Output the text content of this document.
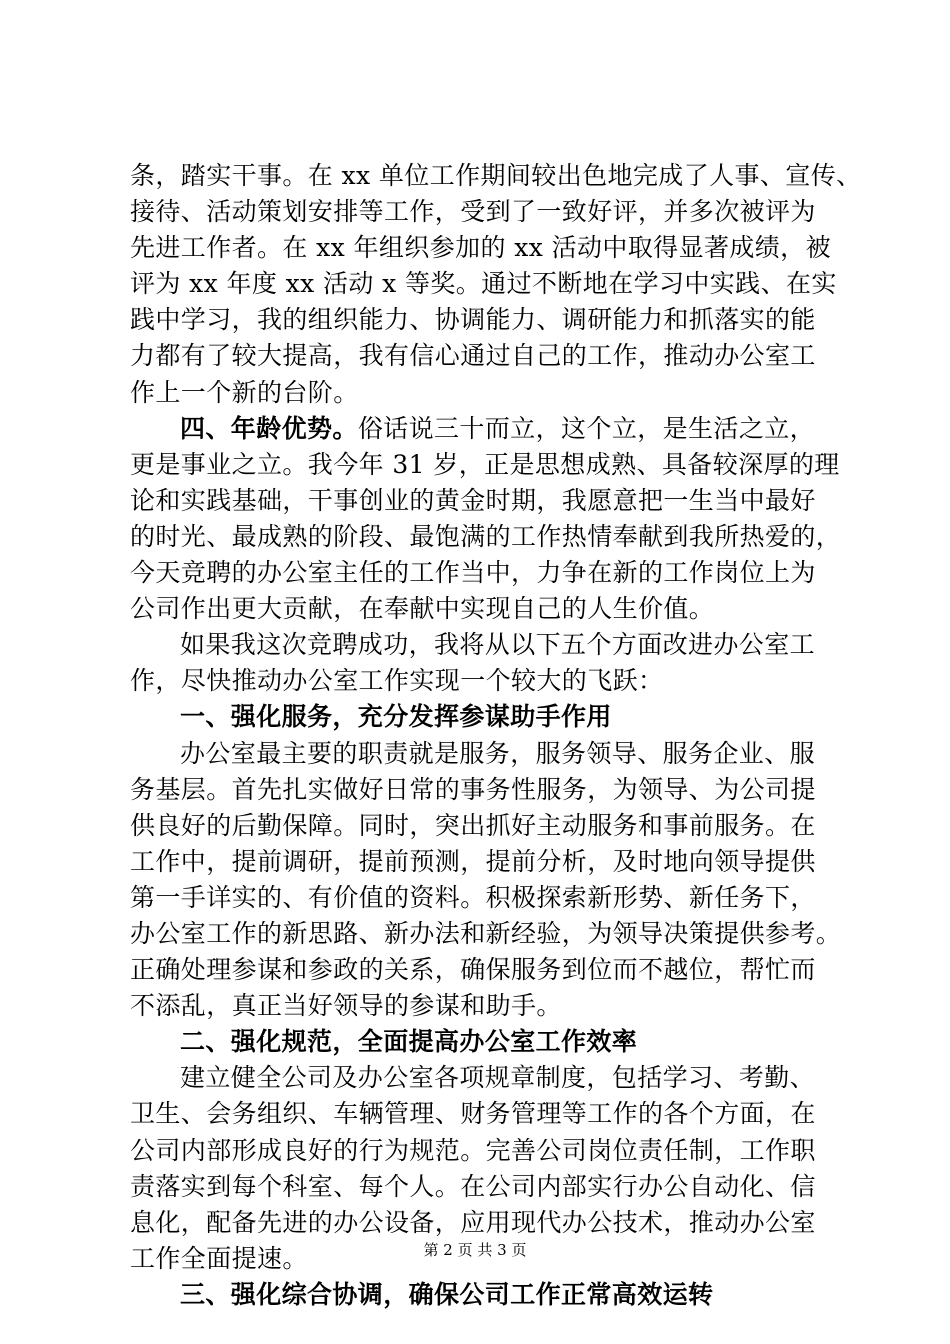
条，踏实干事。在 xx 单位工作期间较出色地完成了人事、宣传、
接待、活动策划安排等工作，受到了一致好评，并多次被评为
先进工作者。在 xx 年组织参加的 xx 活动中取得显著成绩，被
评为 xx 年度 xx 活动 x 等奖。通过不断地在学习中实践、在实
践中学习，我的组织能力、协调能力、调研能力和抓落实的能
力都有了较大提高，我有信心通过自己的工作，推动办公室工
作上一个新的台阶。
四、年龄优势。俗话说三十而立，这个立，是生活之立，
更是事业之立。我今年 31 岁，正是思想成熟、具备较深厚的理
论和实践基础，干事创业的黄金时期，我愿意把一生当中最好
的时光、最成熟的阶段、最饱满的工作热情奉献到我所热爱的，
今天竞聘的办公室主任的工作当中，力争在新的工作岗位上为
公司作出更大贡献，在奉献中实现自己的人生价值。
如果我这次竞聘成功，我将从以下五个方面改进办公室工
作，尽快推动办公室工作实现一个较大的飞跃：
一、强化服务，充分发挥参谋助手作用
办公室最主要的职责就是服务，服务领导、服务企业、服
务基层。首先扎实做好日常的事务性服务，为领导、为公司提
供良好的后勤保障。同时，突出抓好主动服务和事前服务。在
工作中，提前调研，提前预测，提前分析，及时地向领导提供
第一手详实的、有价值的资料。积极探索新形势、新任务下，
办公室工作的新思路、新办法和新经验，为领导决策提供参考。
正确处理参谋和参政的关系，确保服务到位而不越位，帮忙而
不添乱，真正当好领导的参谋和助手。
二、强化规范，全面提高办公室工作效率
建立健全公司及办公室各项规章制度，包括学习、考勤、
卫生、会务组织、车辆管理、财务管理等工作的各个方面，在
公司内部形成良好的行为规范。完善公司岗位责任制，工作职
责落实到每个科室、每个人。在公司内部实行办公自动化、信
息化，配备先进的办公设备，应用现代办公技术，推动办公室
工作全面提速。
三、强化综合协调，确保公司工作正常高效运转
第 2 页 共 3 页
